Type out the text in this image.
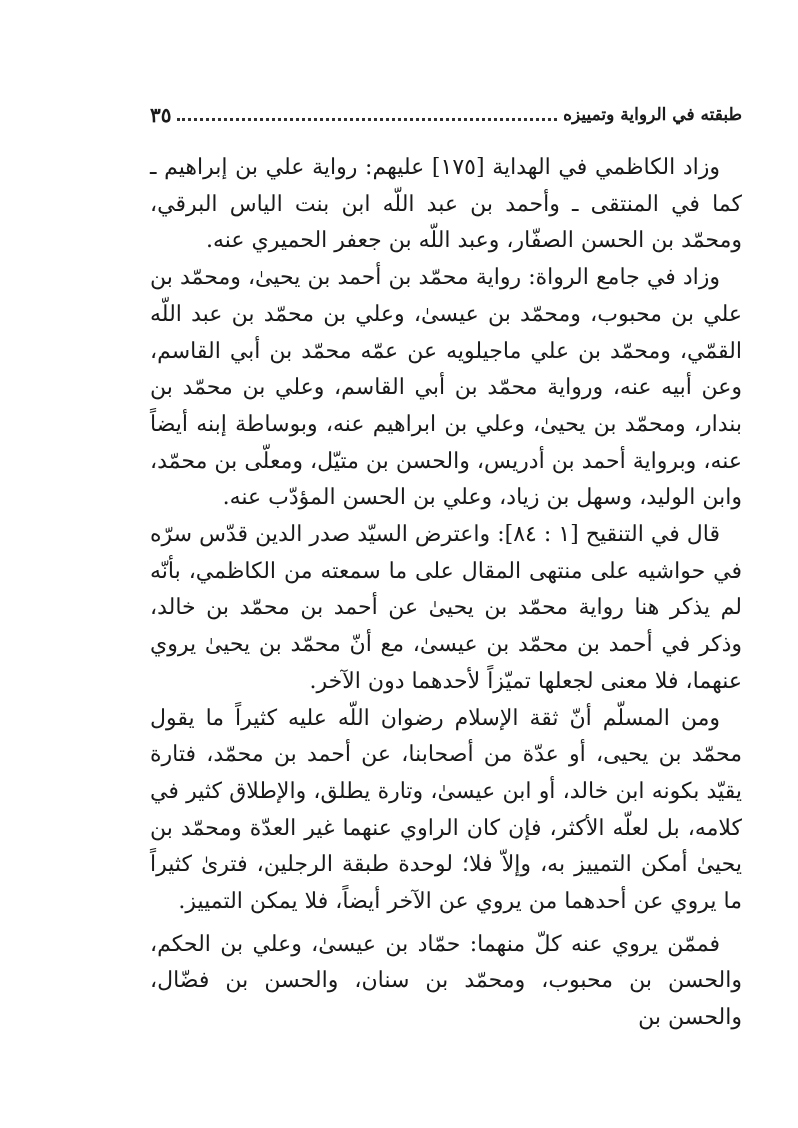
طبقته في الرواية وتمييزه
٣٥

وزاد الكاظمي في الهداية [١٧٥] عليهم: رواية علي بن إبراهيم ـ كما في المنتقى ـ وأحمد بن عبد اللّه ابن بنت الياس البرقي، ومحمّد بن الحسن الصفّار، وعبد اللّه بن جعفر الحميري عنه.

وزاد في جامع الرواة: رواية محمّد بن أحمد بن يحيىٰ، ومحمّد بن علي بن محبوب، ومحمّد بن عيسىٰ، وعلي بن محمّد بن عبد اللّه القمّي، ومحمّد بن علي ماجيلويه عن عمّه محمّد بن أبي القاسم، وعن أبيه عنه، ورواية محمّد بن أبي القاسم، وعلي بن محمّد بن بندار، ومحمّد بن يحيىٰ، وعلي بن ابراهيم عنه، وبوساطة إبنه أيضاً عنه، وبرواية أحمد بن أدريس، والحسن بن متيّل، ومعلّى بن محمّد، وابن الوليد، وسهل بن زياد، وعلي بن الحسن المؤدّب عنه.

قال في التنقيح [١ : ٨٤]: واعترض السيّد صدر الدين قدّس سرّه في حواشيه على منتهى المقال على ما سمعته من الكاظمي، بأنّه لم يذكر هنا رواية محمّد بن يحيىٰ عن أحمد بن محمّد بن خالد، وذكر في أحمد بن محمّد بن عيسىٰ، مع أنّ محمّد بن يحيىٰ يروي عنهما، فلا معنى لجعلها تميّزاً لأحدهما دون الآخر.

ومن المسلّم أنّ ثقة الإسلام رضوان اللّه عليه كثيراً ما يقول محمّد بن يحيى، أو عدّة من أصحابنا، عن أحمد بن محمّد، فتارة يقيّد بكونه ابن خالد، أو ابن عيسىٰ، وتارة يطلق، والإطلاق كثير في كلامه، بل لعلّه الأكثر، فإن كان الراوي عنهما غير العدّة ومحمّد بن يحيىٰ أمكن التمييز به، وإلاّ فلا؛ لوحدة طبقة الرجلين، فترىٰ كثيراً ما يروي عن أحدهما من يروي عن الآخر أيضاً، فلا يمكن التمييز.

فممّن يروي عنه كلّ منهما: حمّاد بن عيسىٰ، وعلي بن الحكم، والحسن بن محبوب، ومحمّد بن سنان، والحسن بن فضّال، والحسن بن
